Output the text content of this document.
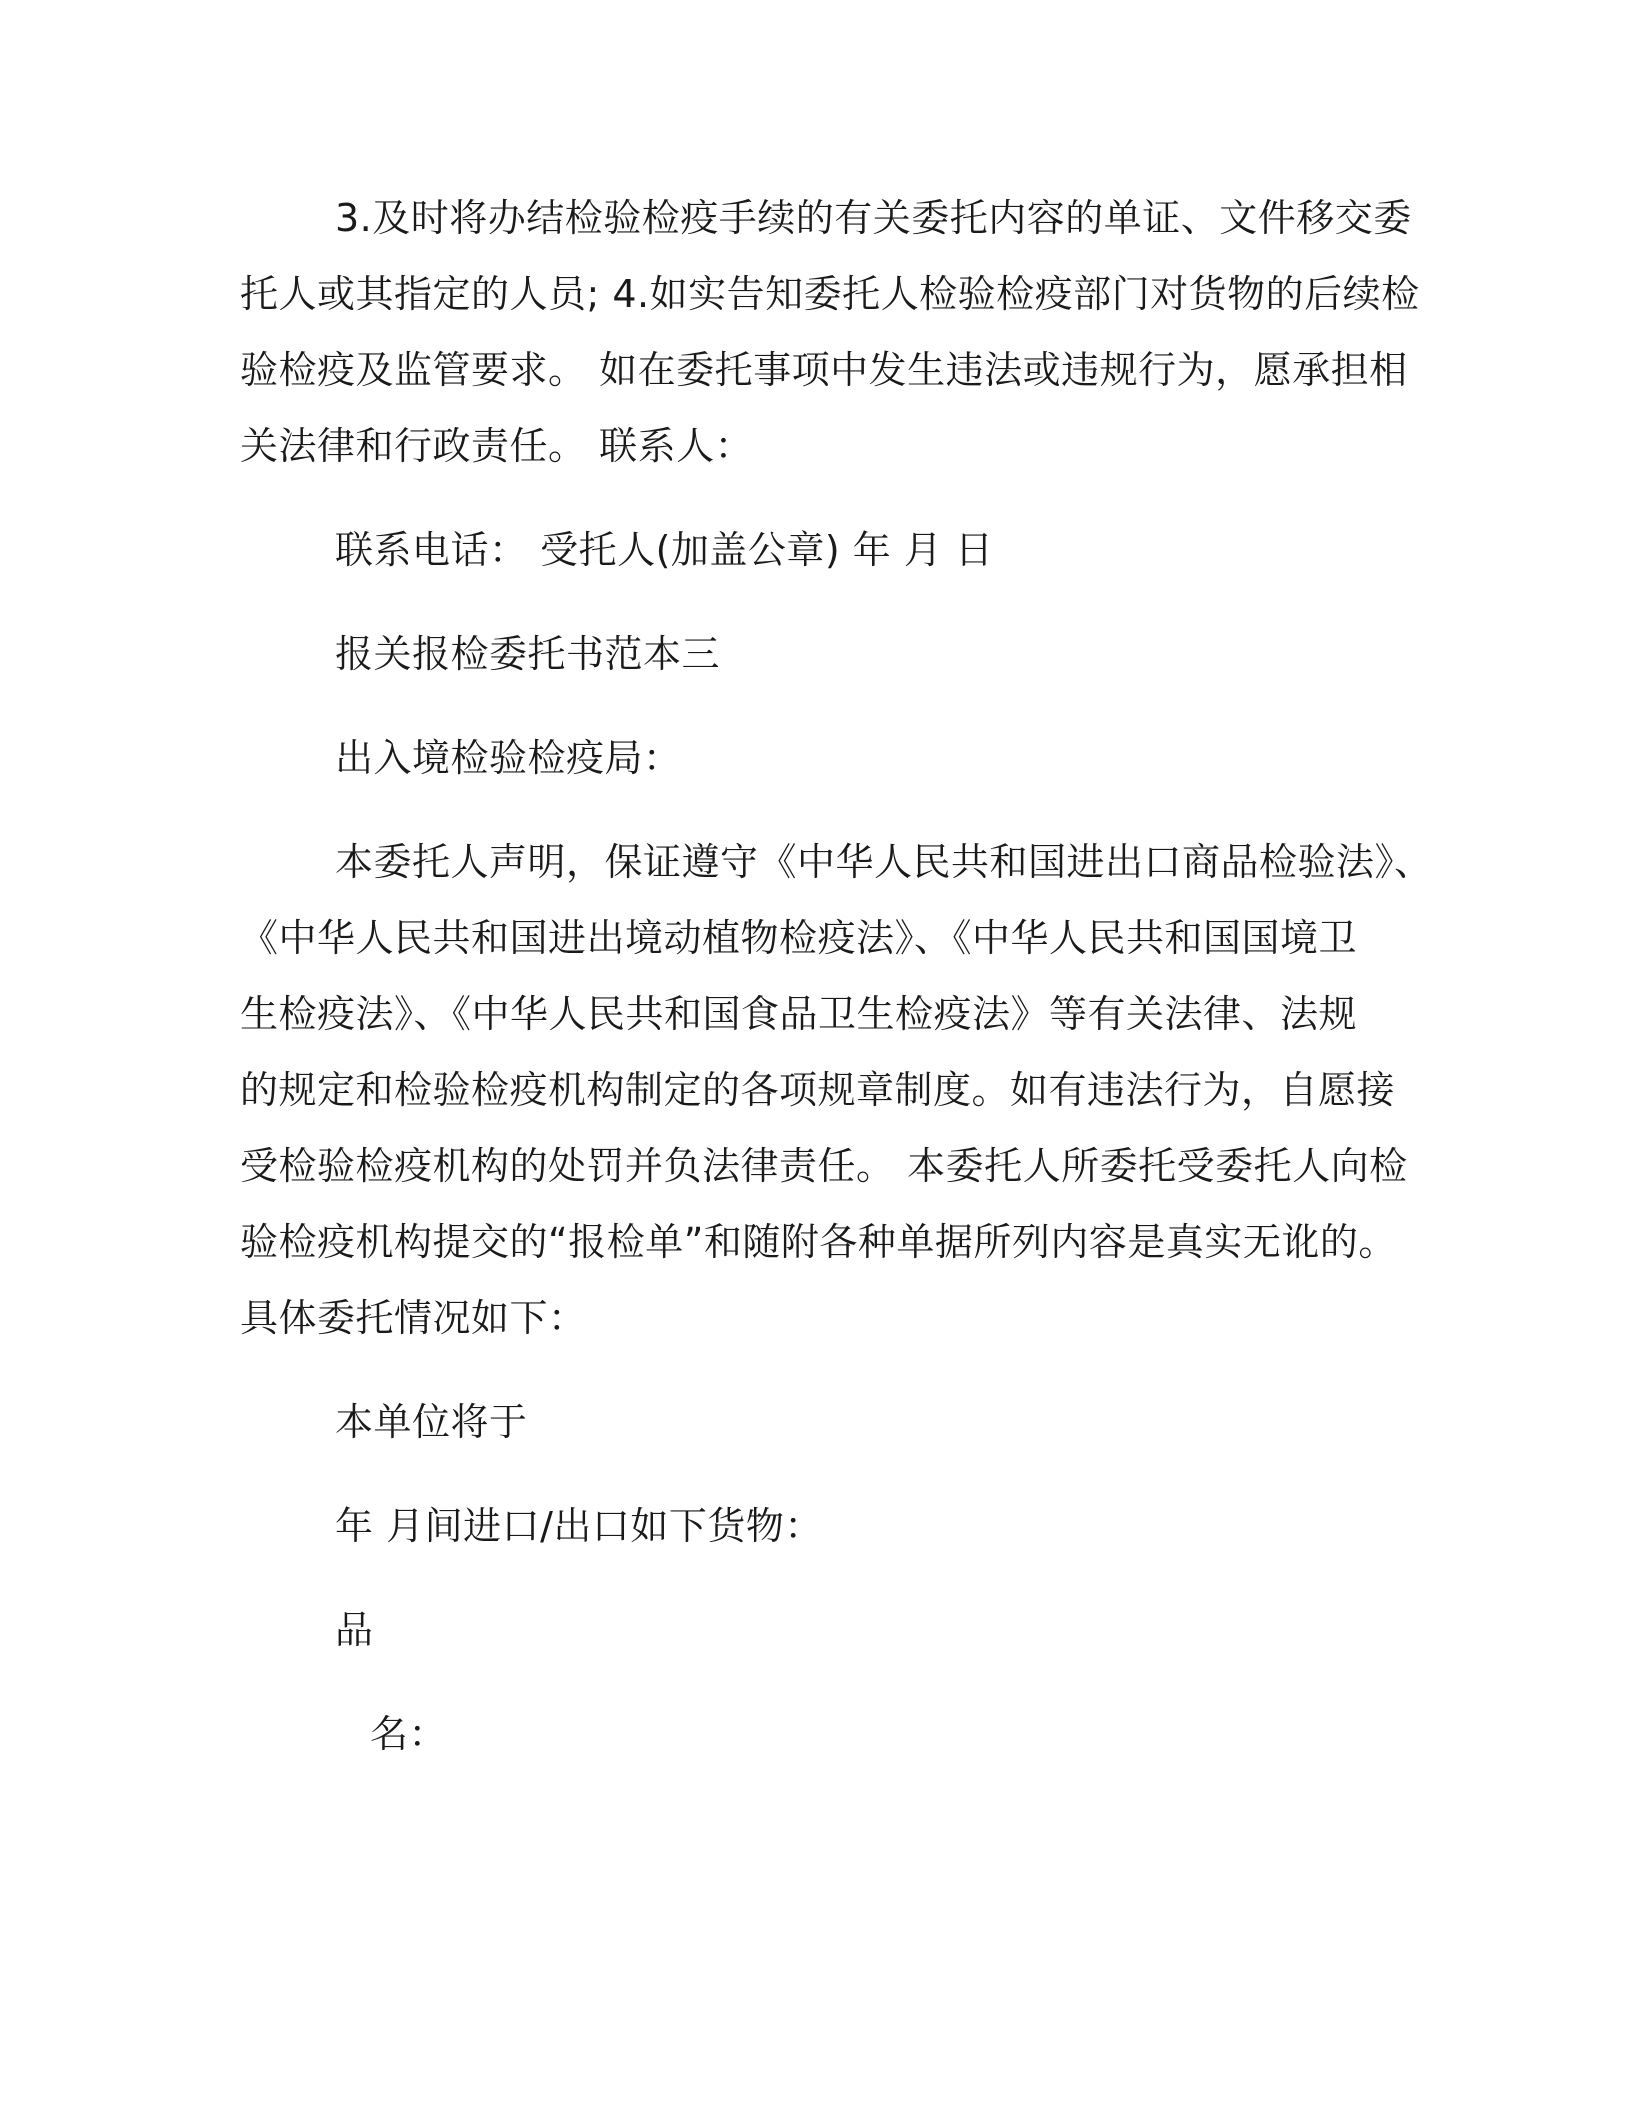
3.及时将办结检验检疫手续的有关委托内容的单证、文件移交委
托人或其指定的人员; 4.如实告知委托人检验检疫部门对货物的后续检
验检疫及监管要求。 如在委托事项中发生违法或违规行为，愿承担相
关法律和行政责任。 联系人：
联系电话： 受托人(加盖公章) 年 月 日
报关报检委托书范本三
出入境检验检疫局：
本委托人声明，保证遵守《中华人民共和国进出口商品检验法》、
《中华人民共和国进出境动植物检疫法》、《中华人民共和国国境卫
生检疫法》、《中华人民共和国食品卫生检疫法》等有关法律、法规
的规定和检验检疫机构制定的各项规章制度。如有违法行为，自愿接
受检验检疫机构的处罚并负法律责任。 本委托人所委托受委托人向检
验检疫机构提交的“报检单”和随附各种单据所列内容是真实无讹的。
具体委托情况如下：
本单位将于
年 月间进口/出口如下货物：
品
名：
